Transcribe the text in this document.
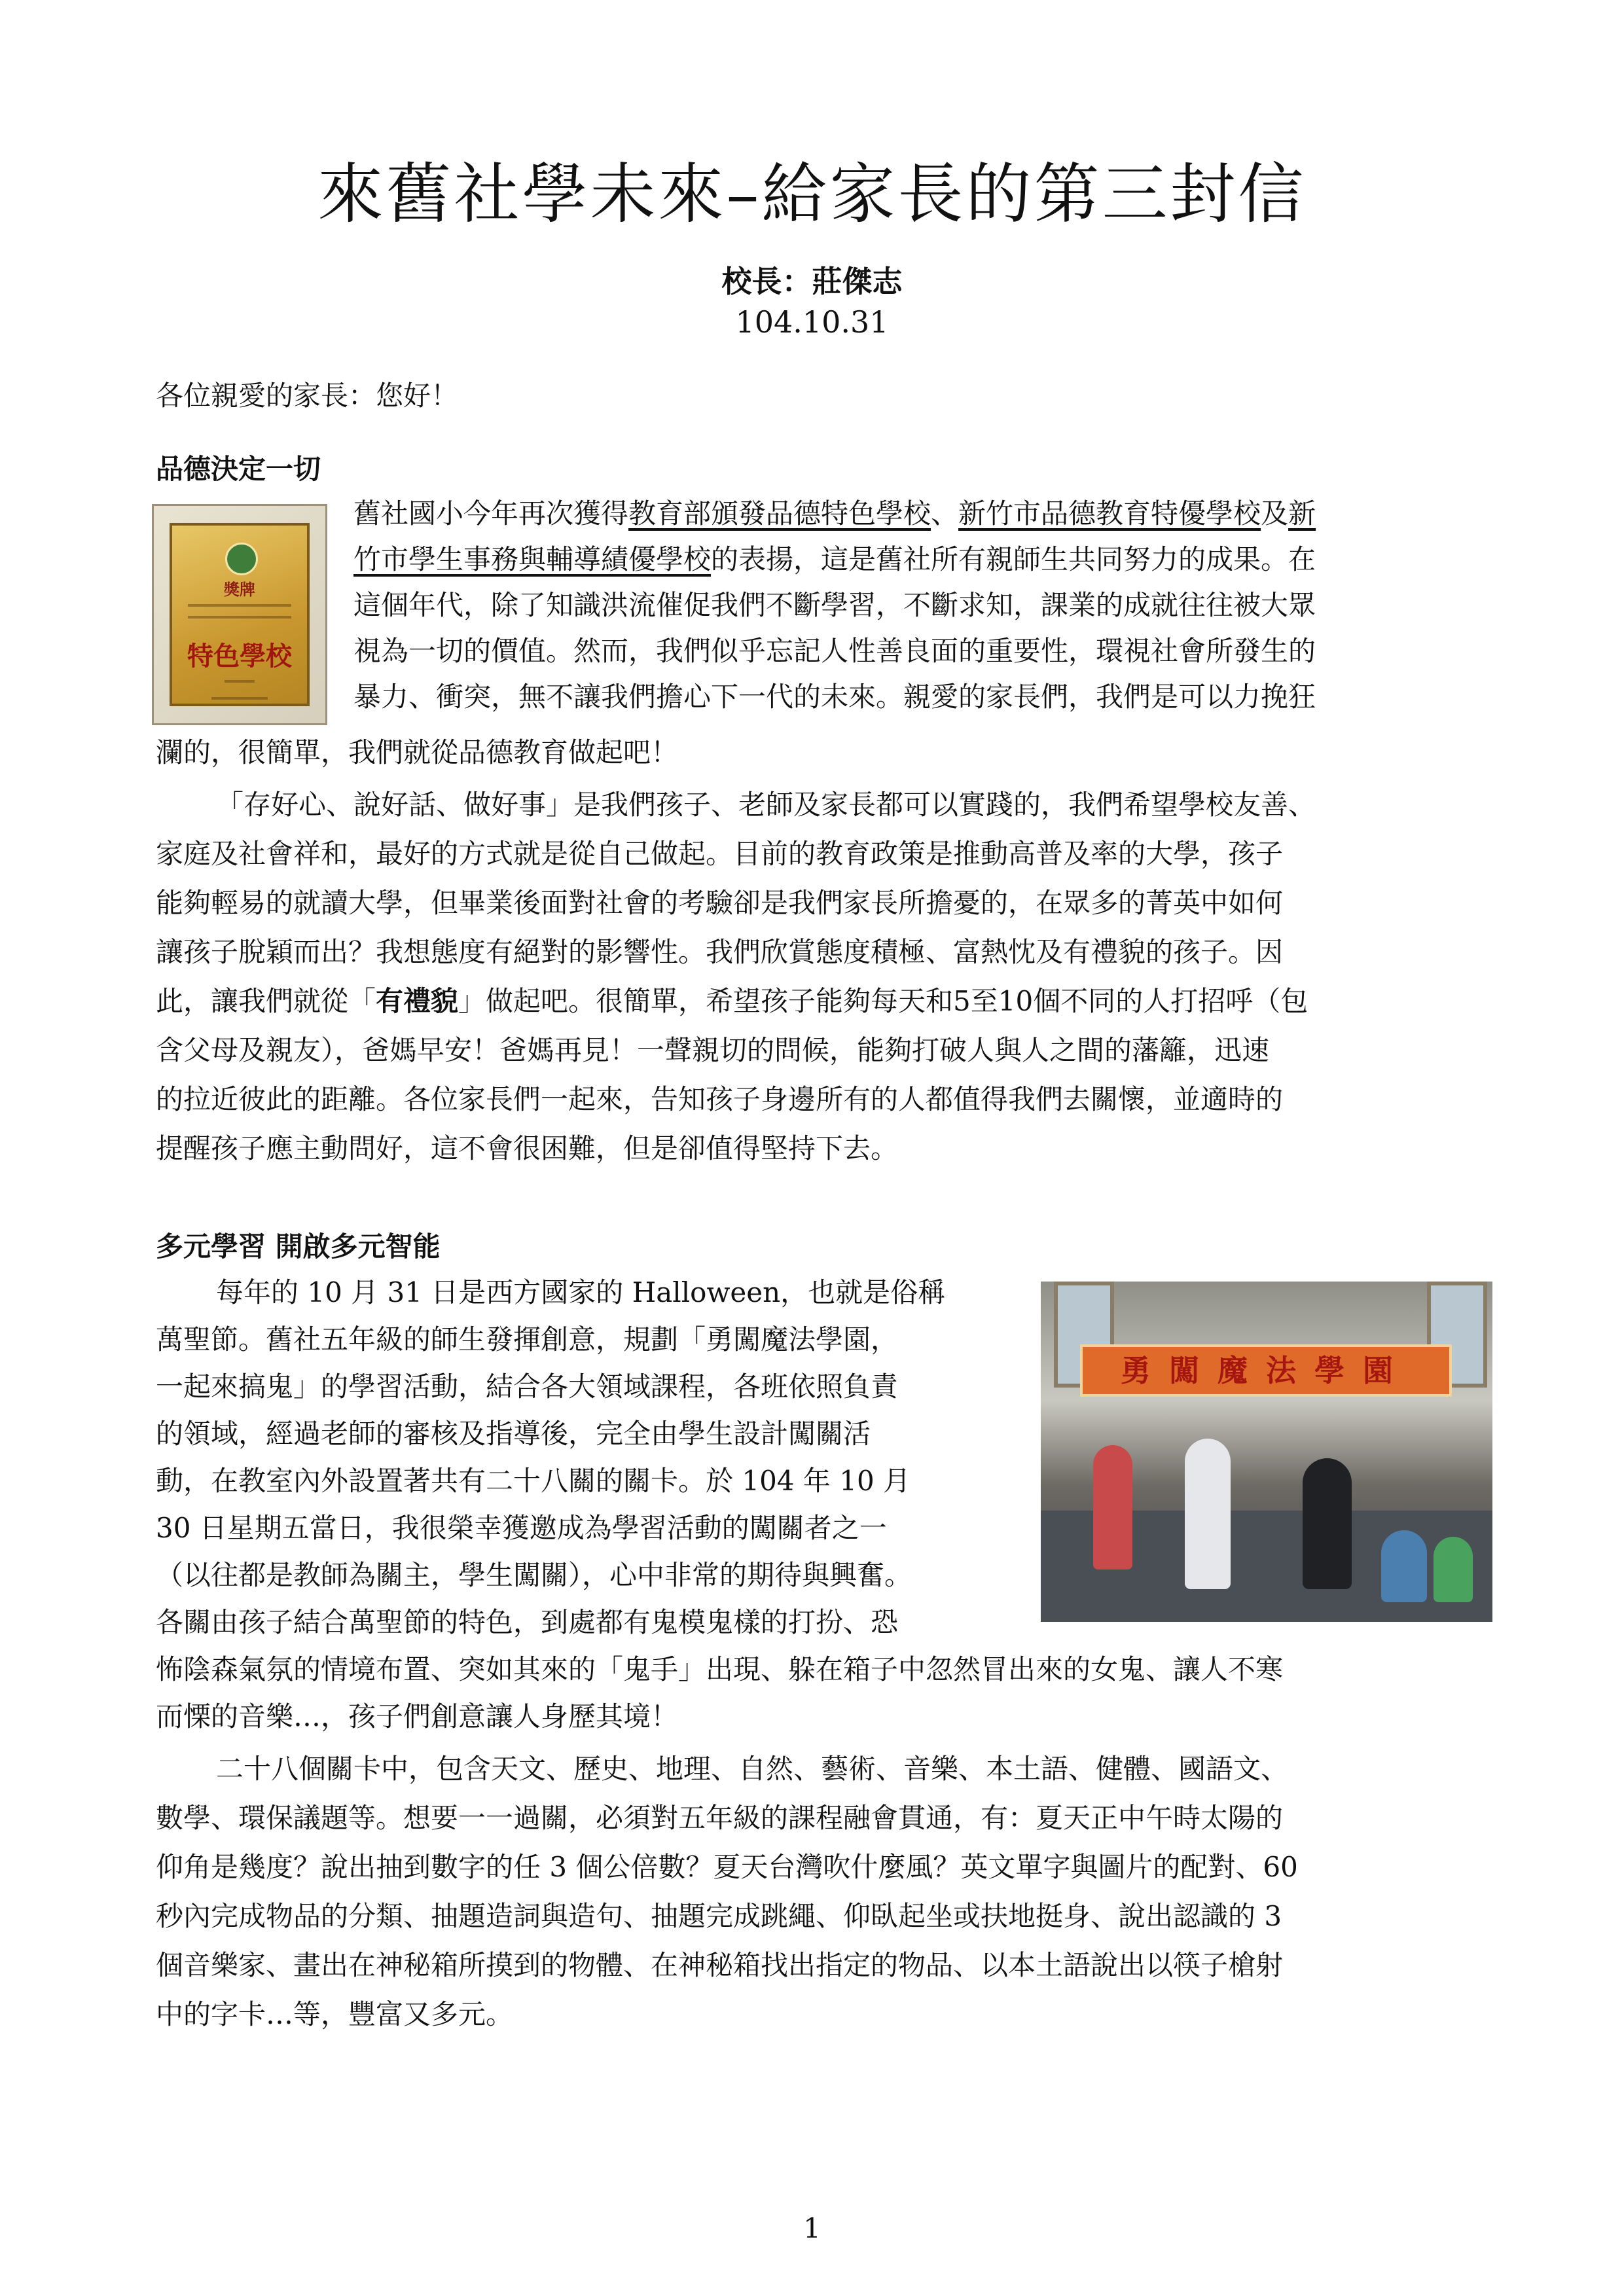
來舊社學未來–給家長的第三封信
校長：莊傑志
104.10.31
各位親愛的家長：您好！
品德決定一切
獎牌
特色學校
舊社國小今年再次獲得教育部頒發品德特色學校、新竹市品德教育特優學校及新
竹市學生事務與輔導績優學校的表揚，這是舊社所有親師生共同努力的成果。在
這個年代，除了知識洪流催促我們不斷學習，不斷求知，課業的成就往往被大眾
視為一切的價值。然而，我們似乎忘記人性善良面的重要性，環視社會所發生的
暴力、衝突，無不讓我們擔心下一代的未來。親愛的家長們，我們是可以力挽狂
瀾的，很簡單，我們就從品德教育做起吧！
「存好心、說好話、做好事」是我們孩子、老師及家長都可以實踐的，我們希望學校友善、
家庭及社會祥和，最好的方式就是從自己做起。目前的教育政策是推動高普及率的大學，孩子
能夠輕易的就讀大學，但畢業後面對社會的考驗卻是我們家長所擔憂的，在眾多的菁英中如何
讓孩子脫穎而出？我想態度有絕對的影響性。我們欣賞態度積極、富熱忱及有禮貌的孩子。因
此，讓我們就從「有禮貌」做起吧。很簡單，希望孩子能夠每天和5至10個不同的人打招呼（包
含父母及親友），爸媽早安！爸媽再見！一聲親切的問候，能夠打破人與人之間的藩籬，迅速
的拉近彼此的距離。各位家長們一起來，告知孩子身邊所有的人都值得我們去關懷，並適時的
提醒孩子應主動問好，這不會很困難，但是卻值得堅持下去。
多元學習 開啟多元智能
每年的 10 月 31 日是西方國家的 Halloween，也就是俗稱
萬聖節。舊社五年級的師生發揮創意，規劃「勇闖魔法學園，
一起來搞鬼」的學習活動，結合各大領域課程，各班依照負責
的領域，經過老師的審核及指導後，完全由學生設計闖關活
動，在教室內外設置著共有二十八關的關卡。於 104 年 10 月
30 日星期五當日，我很榮幸獲邀成為學習活動的闖關者之一
（以往都是教師為關主，學生闖關），心中非常的期待與興奮。
各關由孩子結合萬聖節的特色，到處都有鬼模鬼樣的打扮、恐
怖陰森氣氛的情境布置、突如其來的「鬼手」出現、躲在箱子中忽然冒出來的女鬼、讓人不寒
而慄的音樂…，孩子們創意讓人身歷其境！
勇闖魔法學園
二十八個關卡中，包含天文、歷史、地理、自然、藝術、音樂、本土語、健體、國語文、
數學、環保議題等。想要一一過關，必須對五年級的課程融會貫通，有：夏天正中午時太陽的
仰角是幾度？說出抽到數字的任 3 個公倍數？夏天台灣吹什麼風？英文單字與圖片的配對、60
秒內完成物品的分類、抽題造詞與造句、抽題完成跳繩、仰臥起坐或扶地挺身、說出認識的 3
個音樂家、畫出在神秘箱所摸到的物體、在神秘箱找出指定的物品、以本土語說出以筷子槍射
中的字卡…等，豐富又多元。
1
